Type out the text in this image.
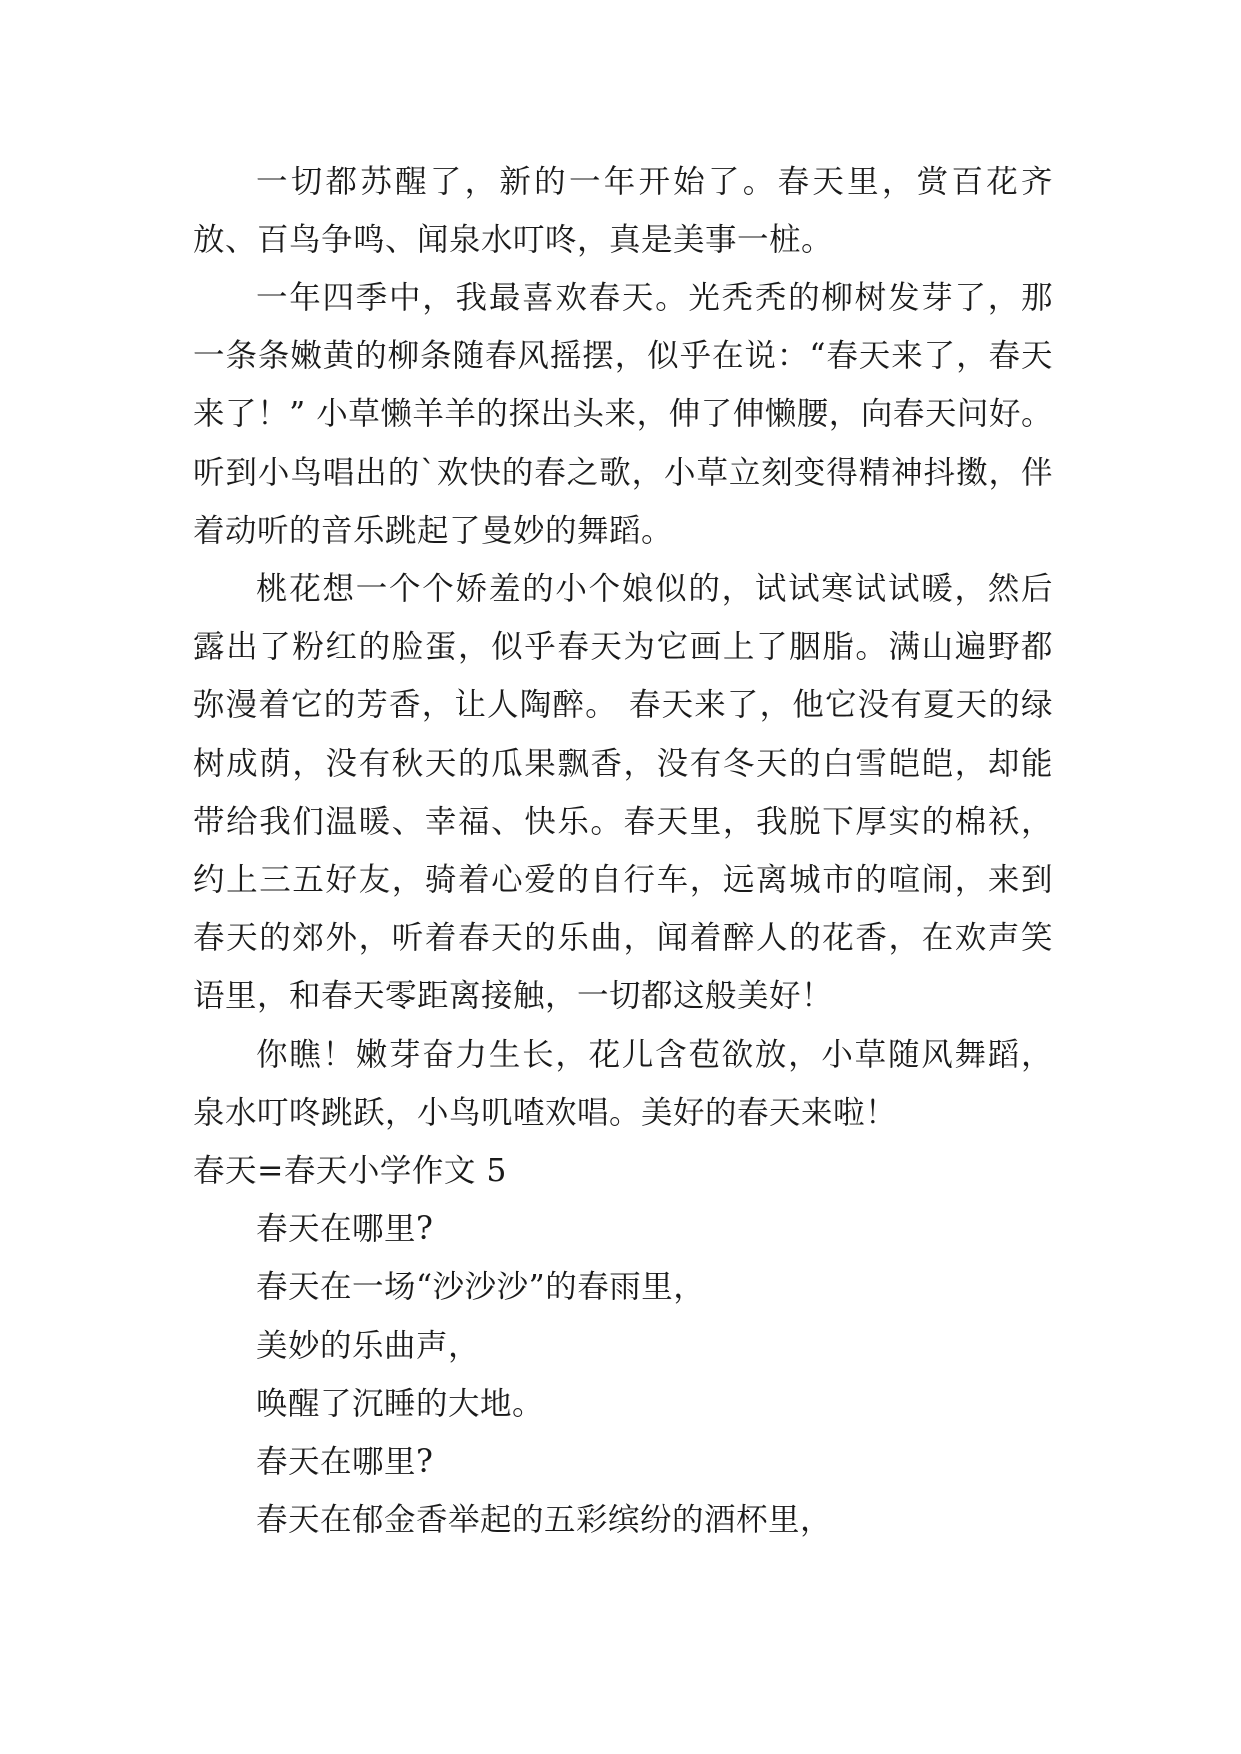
一切都苏醒了，新的一年开始了。春天里，赏百花齐放、百鸟争鸣、闻泉水叮咚，真是美事一桩。

一年四季中，我最喜欢春天。光秃秃的柳树发芽了，那一条条嫩黄的柳条随春风摇摆，似乎在说：“春天来了，春天来了！” 小草懒羊羊的探出头来，伸了伸懒腰，向春天问好。听到小鸟唱出的`欢快的春之歌，小草立刻变得精神抖擞，伴着动听的音乐跳起了曼妙的舞蹈。

桃花想一个个娇羞的小个娘似的，试试寒试试暖，然后露出了粉红的脸蛋，似乎春天为它画上了胭脂。满山遍野都弥漫着它的芳香，让人陶醉。 春天来了，他它没有夏天的绿树成荫，没有秋天的瓜果飘香，没有冬天的白雪皑皑，却能带给我们温暖、幸福、快乐。春天里，我脱下厚实的棉袄，约上三五好友，骑着心爱的自行车，远离城市的喧闹，来到春天的郊外，听着春天的乐曲，闻着醉人的花香，在欢声笑语里，和春天零距离接触，一切都这般美好！

你瞧！嫩芽奋力生长，花儿含苞欲放，小草随风舞蹈，泉水叮咚跳跃，小鸟叽喳欢唱。美好的春天来啦！

春天=春天小学作文 5

春天在哪里?

春天在一场“沙沙沙”的春雨里，

美妙的乐曲声，

唤醒了沉睡的大地。

春天在哪里?

春天在郁金香举起的五彩缤纷的酒杯里，
